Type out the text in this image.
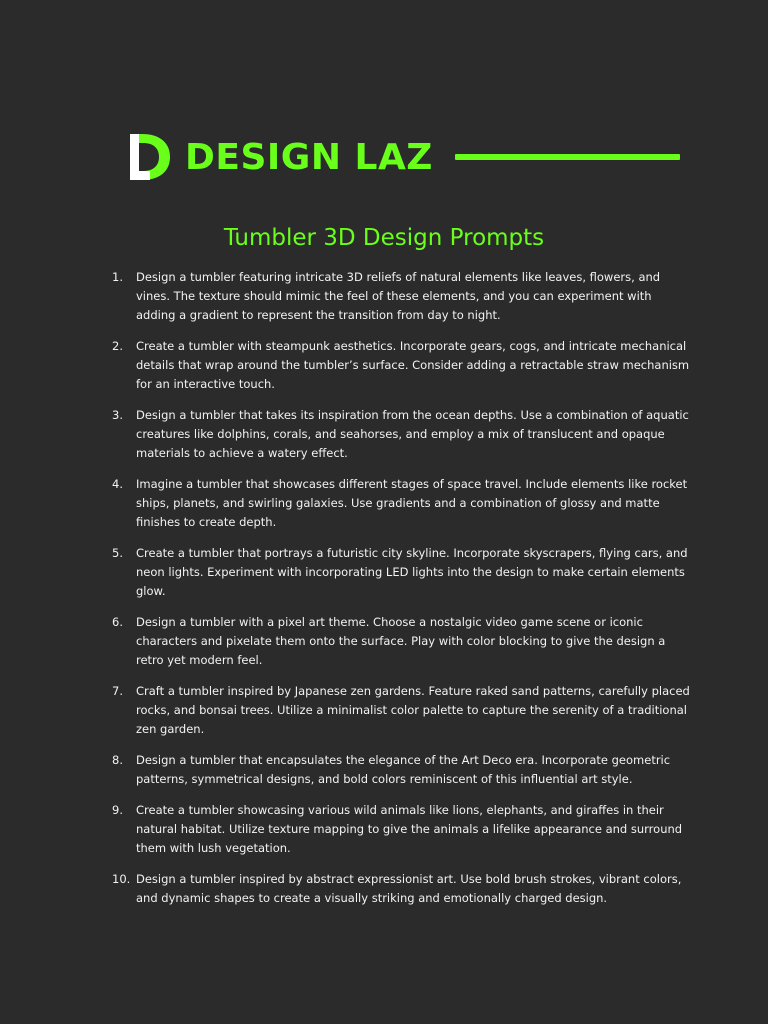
DESIGN LAZ
Tumbler 3D Design Prompts
1.	Design a tumbler featuring intricate 3D reliefs of natural elements like leaves, flowers, and vines. The texture should mimic the feel of these elements, and you can experiment with adding a gradient to represent the transition from day to night.
2.	Create a tumbler with steampunk aesthetics. Incorporate gears, cogs, and intricate mechanical details that wrap around the tumbler’s surface. Consider adding a retractable straw mechanism for an interactive touch.
3.	Design a tumbler that takes its inspiration from the ocean depths. Use a combination of aquatic creatures like dolphins, corals, and seahorses, and employ a mix of translucent and opaque materials to achieve a watery effect.
4.	Imagine a tumbler that showcases different stages of space travel. Include elements like rocket ships, planets, and swirling galaxies. Use gradients and a combination of glossy and matte finishes to create depth.
5.	Create a tumbler that portrays a futuristic city skyline. Incorporate skyscrapers, flying cars, and neon lights. Experiment with incorporating LED lights into the design to make certain elements glow.
6.	Design a tumbler with a pixel art theme. Choose a nostalgic video game scene or iconic characters and pixelate them onto the surface. Play with color blocking to give the design a retro yet modern feel.
7.	Craft a tumbler inspired by Japanese zen gardens. Feature raked sand patterns, carefully placed rocks, and bonsai trees. Utilize a minimalist color palette to capture the serenity of a traditional zen garden.
8.	Design a tumbler that encapsulates the elegance of the Art Deco era. Incorporate geometric patterns, symmetrical designs, and bold colors reminiscent of this influential art style.
9.	Create a tumbler showcasing various wild animals like lions, elephants, and giraffes in their natural habitat. Utilize texture mapping to give the animals a lifelike appearance and surround them with lush vegetation.
10. Design a tumbler inspired by abstract expressionist art. Use bold brush strokes, vibrant colors, and dynamic shapes to create a visually striking and emotionally charged design.
